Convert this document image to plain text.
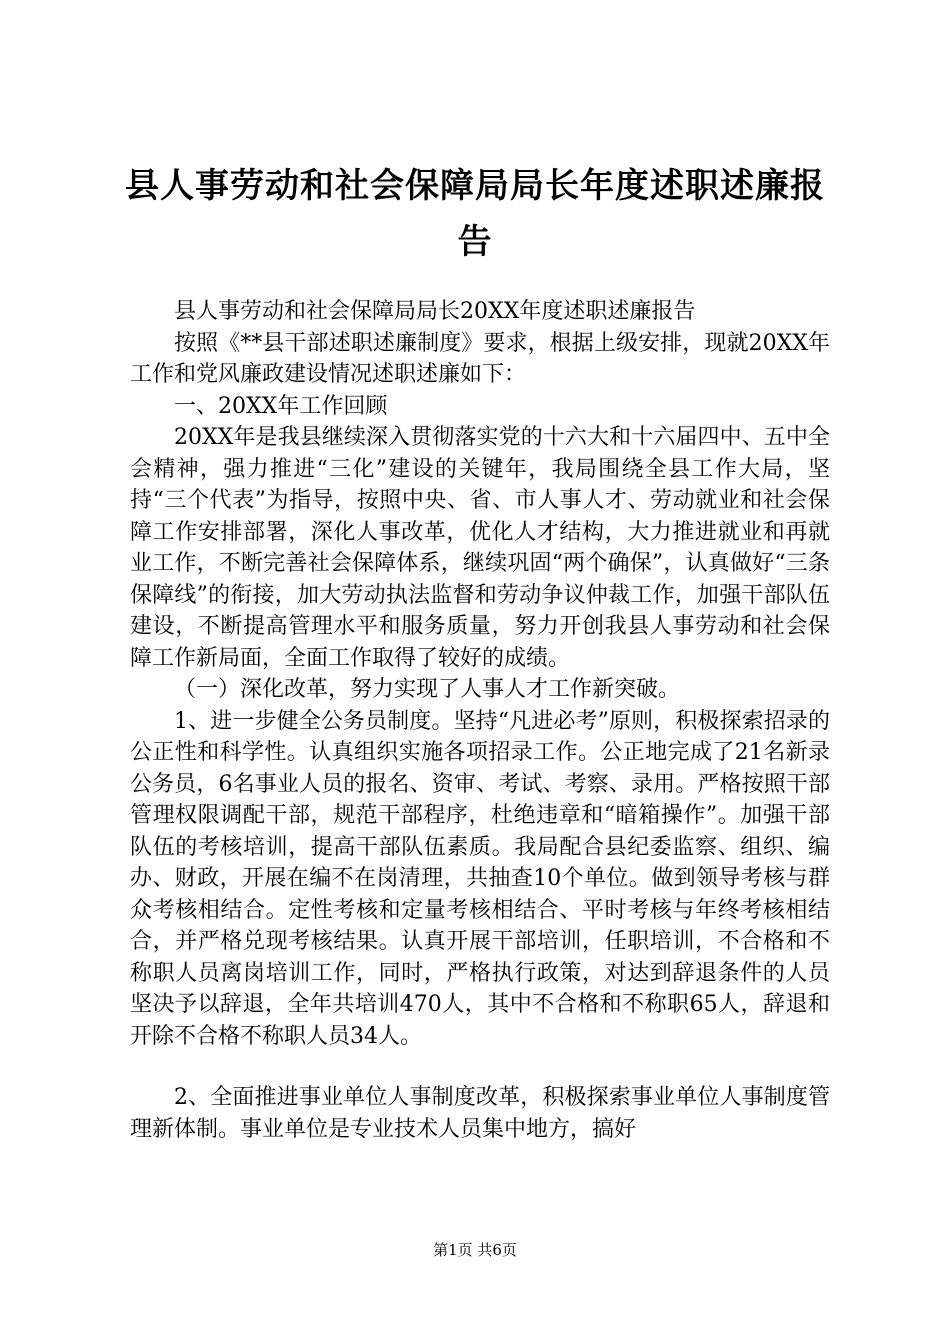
县人事劳动和社会保障局局长年度述职述廉报告

县人事劳动和社会保障局局长20XX年度述职述廉报告

按照《**县干部述职述廉制度》要求，根据上级安排，现就20XX年工作和党风廉政建设情况述职述廉如下：

一、20XX年工作回顾

20XX年是我县继续深入贯彻落实党的十六大和十六届四中、五中全会精神，强力推进“三化”建设的关键年，我局围绕全县工作大局，坚持“三个代表”为指导，按照中央、省、市人事人才、劳动就业和社会保障工作安排部署，深化人事改革，优化人才结构，大力推进就业和再就业工作，不断完善社会保障体系，继续巩固“两个确保”，认真做好“三条保障线”的衔接，加大劳动执法监督和劳动争议仲裁工作，加强干部队伍建设，不断提高管理水平和服务质量，努力开创我县人事劳动和社会保障工作新局面，全面工作取得了较好的成绩。

（一）深化改革，努力实现了人事人才工作新突破。

1、进一步健全公务员制度。坚持“凡进必考”原则，积极探索招录的公正性和科学性。认真组织实施各项招录工作。公正地完成了21名新录公务员，6名事业人员的报名、资审、考试、考察、录用。严格按照干部管理权限调配干部，规范干部程序，杜绝违章和“暗箱操作”。加强干部队伍的考核培训，提高干部队伍素质。我局配合县纪委监察、组织、编办、财政，开展在编不在岗清理，共抽查10个单位。做到领导考核与群众考核相结合。定性考核和定量考核相结合、平时考核与年终考核相结合，并严格兑现考核结果。认真开展干部培训，任职培训，不合格和不称职人员离岗培训工作，同时，严格执行政策，对达到辞退条件的人员坚决予以辞退，全年共培训470人，其中不合格和不称职65人，辞退和开除不合格不称职人员34人。

2、全面推进事业单位人事制度改革，积极探索事业单位人事制度管理新体制。事业单位是专业技术人员集中地方，搞好

第1页 共6页
